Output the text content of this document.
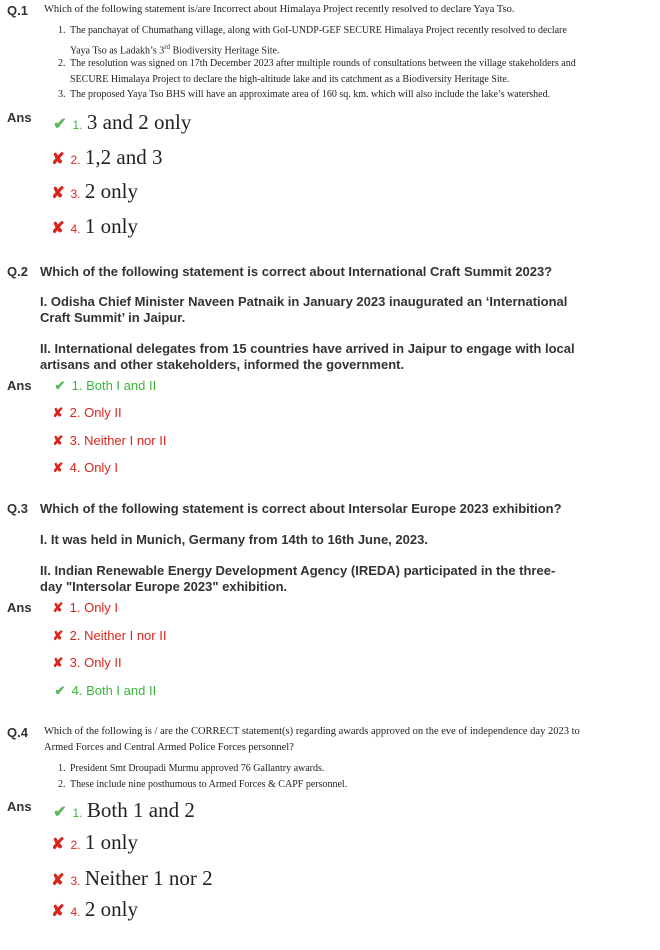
Q.1 Which of the following statement is/are Incorrect about Himalaya Project recently resolved to declare Yaya Tso.
1. The panchayat of Chumathang village, along with GoI-UNDP-GEF SECURE Himalaya Project recently resolved to declare
Yaya Tso as Ladakh’s 3rd Biodiversity Heritage Site.
2. The resolution was signed on 17th December 2023 after multiple rounds of consultations between the village stakeholders and
SECURE Himalaya Project to declare the high-altitude lake and its catchment as a Biodiversity Heritage Site.
3. The proposed Yaya Tso BHS will have an approximate area of 160 sq. km. which will also include the lake’s watershed.
Ans ✔ 1. 3 and 2 only
✘ 2. 1,2 and 3
✘ 3. 2 only
✘ 4. 1 only
Q.2 Which of the following statement is correct about International Craft Summit 2023?
I. Odisha Chief Minister Naveen Patnaik in January 2023 inaugurated an ‘International
Craft Summit’ in Jaipur.
II. International delegates from 15 countries have arrived in Jaipur to engage with local
artisans and other stakeholders, informed the government.
Ans ✔ 1. Both I and II
✘ 2. Only II
✘ 3. Neither I nor II
✘ 4. Only I
Q.3 Which of the following statement is correct about Intersolar Europe 2023 exhibition?
I. It was held in Munich, Germany from 14th to 16th June, 2023.
II. Indian Renewable Energy Development Agency (IREDA) participated in the three-
day "Intersolar Europe 2023" exhibition.
Ans ✘ 1. Only I
✘ 2. Neither I nor II
✘ 3. Only II
✔ 4. Both I and II
Q.4 Which of the following is / are the CORRECT statement(s) regarding awards approved on the eve of independence day 2023 to
Armed Forces and Central Armed Police Forces personnel?
1. President Smt Droupadi Murmu approved 76 Gallantry awards.
2. These include nine posthumous to Armed Forces & CAPF personnel.
Ans ✔ 1. Both 1 and 2
✘ 2. 1 only
✘ 3. Neither 1 nor 2
✘ 4. 2 only
